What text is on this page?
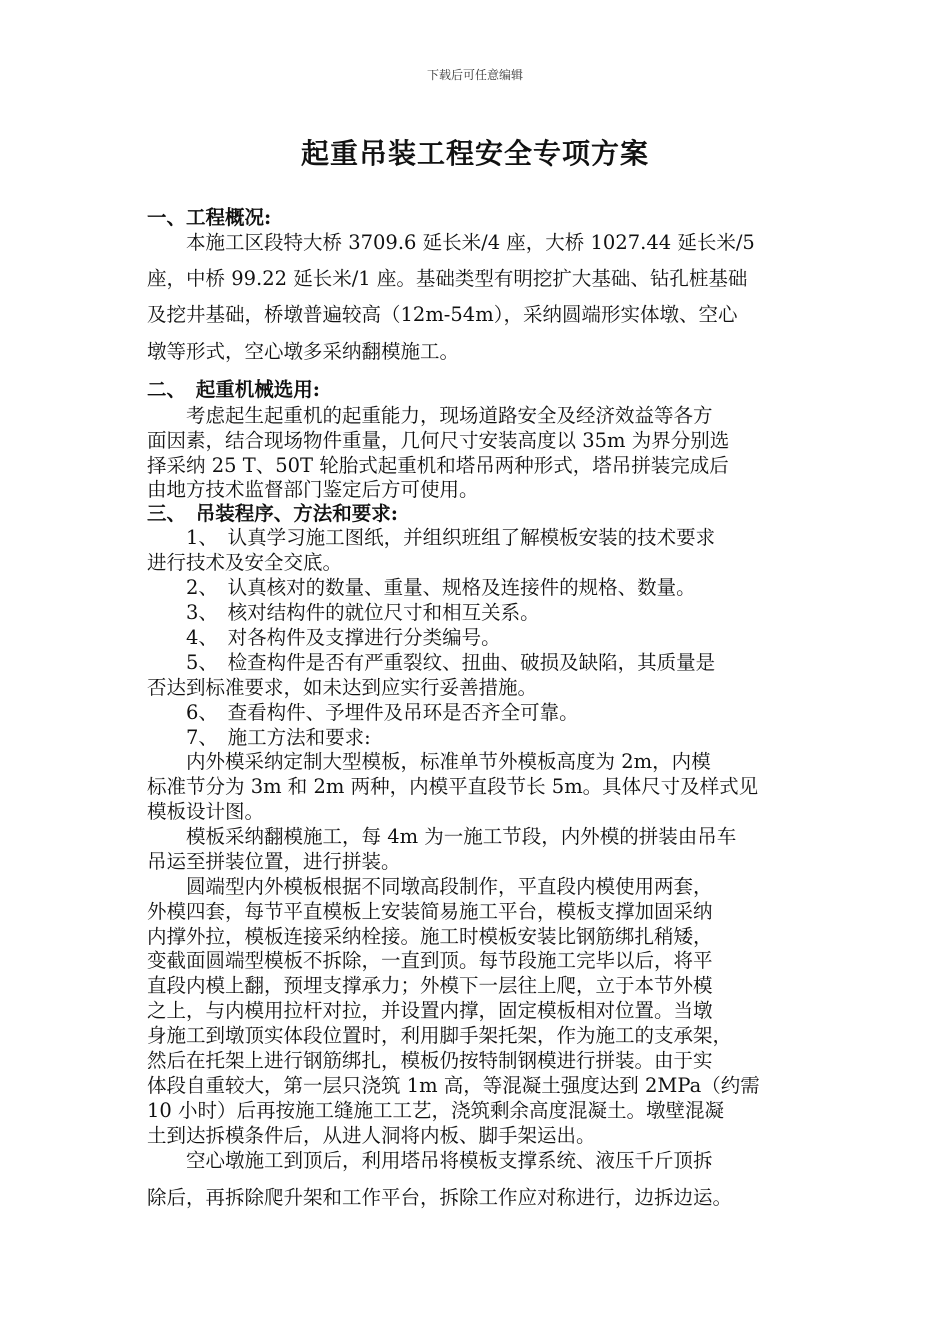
下载后可任意编辑
起重吊装工程安全专项方案
一、工程概况:
　　本施工区段特大桥 3709.6 延长米/4 座，大桥 1027.44 延长米/5
座，中桥 99.22 延长米/1 座。基础类型有明挖扩大基础、钻孔桩基础
及挖井基础，桥墩普遍较高（12m-54m），采纳圆端形实体墩、空心
墩等形式，空心墩多采纳翻模施工。
二、　起重机械选用:
　　考虑起生起重机的起重能力，现场道路安全及经济效益等各方
面因素，结合现场物件重量，几何尺寸安装高度以 35m 为界分别选
择采纳 25 T、50T 轮胎式起重机和塔吊两种形式，塔吊拼装完成后
由地方技术监督部门鉴定后方可使用。
三、　吊装程序、方法和要求:
　　1、　认真学习施工图纸，并组织班组了解模板安装的技术要求
进行技术及安全交底。
　　2、　认真核对的数量、重量、规格及连接件的规格、数量。
　　3、　核对结构件的就位尺寸和相互关系。
　　4、　对各构件及支撑进行分类编号。
　　5、　检查构件是否有严重裂纹、扭曲、破损及缺陷，其质量是
否达到标准要求，如未达到应实行妥善措施。
　　6、　查看构件、予埋件及吊环是否齐全可靠。
　　7、　施工方法和要求:
　　内外模采纳定制大型模板，标准单节外模板高度为 2m，内模
标准节分为 3m 和 2m 两种，内模平直段节长 5m。具体尺寸及样式见
模板设计图。
　　模板采纳翻模施工，每 4m 为一施工节段，内外模的拼装由吊车
吊运至拼装位置，进行拼装。
　　圆端型内外模板根据不同墩高段制作，平直段内模使用两套，
外模四套，每节平直模板上安装简易施工平台，模板支撑加固采纳
内撑外拉，模板连接采纳栓接。施工时模板安装比钢筋绑扎稍矮，
变截面圆端型模板不拆除，一直到顶。每节段施工完毕以后，将平
直段内模上翻，预埋支撑承力；外模下一层往上爬，立于本节外模
之上，与内模用拉杆对拉，并设置内撑，固定模板相对位置。当墩
身施工到墩顶实体段位置时，利用脚手架托架，作为施工的支承架，
然后在托架上进行钢筋绑扎，模板仍按特制钢模进行拼装。由于实
体段自重较大，第一层只浇筑 1m 高，等混凝土强度达到 2MPa（约需
10 小时）后再按施工缝施工工艺，浇筑剩余高度混凝土。墩壁混凝
土到达拆模条件后，从进人洞将内板、脚手架运出。
　　空心墩施工到顶后，利用塔吊将模板支撑系统、液压千斤顶拆
除后，再拆除爬升架和工作平台，拆除工作应对称进行，边拆边运。
